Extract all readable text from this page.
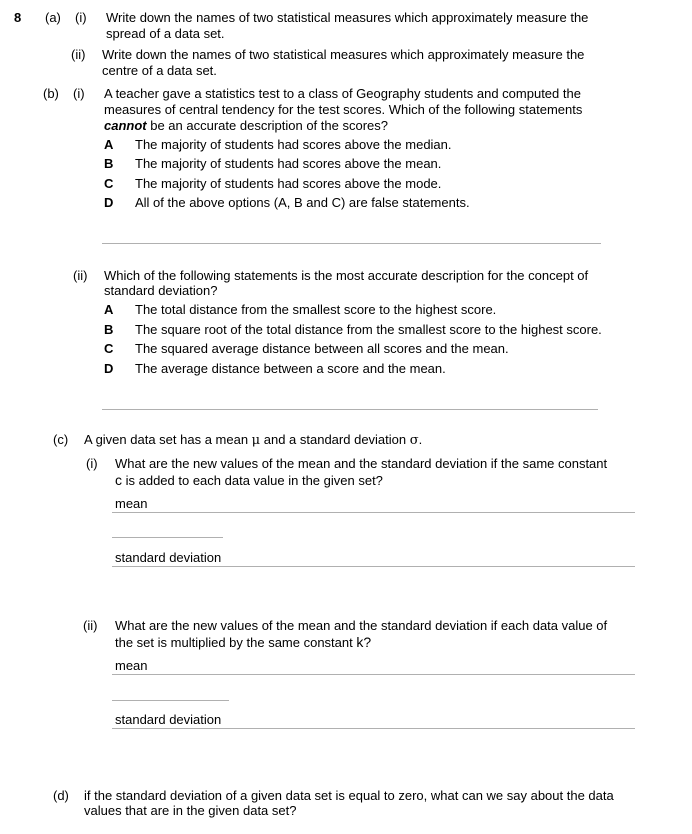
8 (a) (i) Write down the names of two statistical measures which approximately measure the
spread of a data set.
(ii) Write down the names of two statistical measures which approximately measure the
centre of a data set.
(b) (i) A teacher gave a statistics test to a class of Geography students and computed the
measures of central tendency for the test scores. Which of the following statements
cannot be an accurate description of the scores?
A The majority of students had scores above the median.
B The majority of students had scores above the mean.
C The majority of students had scores above the mode.
D All of the above options (A, B and C) are false statements.
(ii) Which of the following statements is the most accurate description for the concept of
standard deviation?
A The total distance from the smallest score to the highest score.
B The square root of the total distance from the smallest score to the highest score.
C The squared average distance between all scores and the mean.
D The average distance between a score and the mean.
(c) A given data set has a mean μ and a standard deviation σ.
(i) What are the new values of the mean and the standard deviation if the same constant
c is added to each data value in the given set?
mean
standard deviation
(ii) What are the new values of the mean and the standard deviation if each data value of
the set is multiplied by the same constant k?
mean
standard deviation
(d) if the standard deviation of a given data set is equal to zero, what can we say about the data
values that are in the given data set?
